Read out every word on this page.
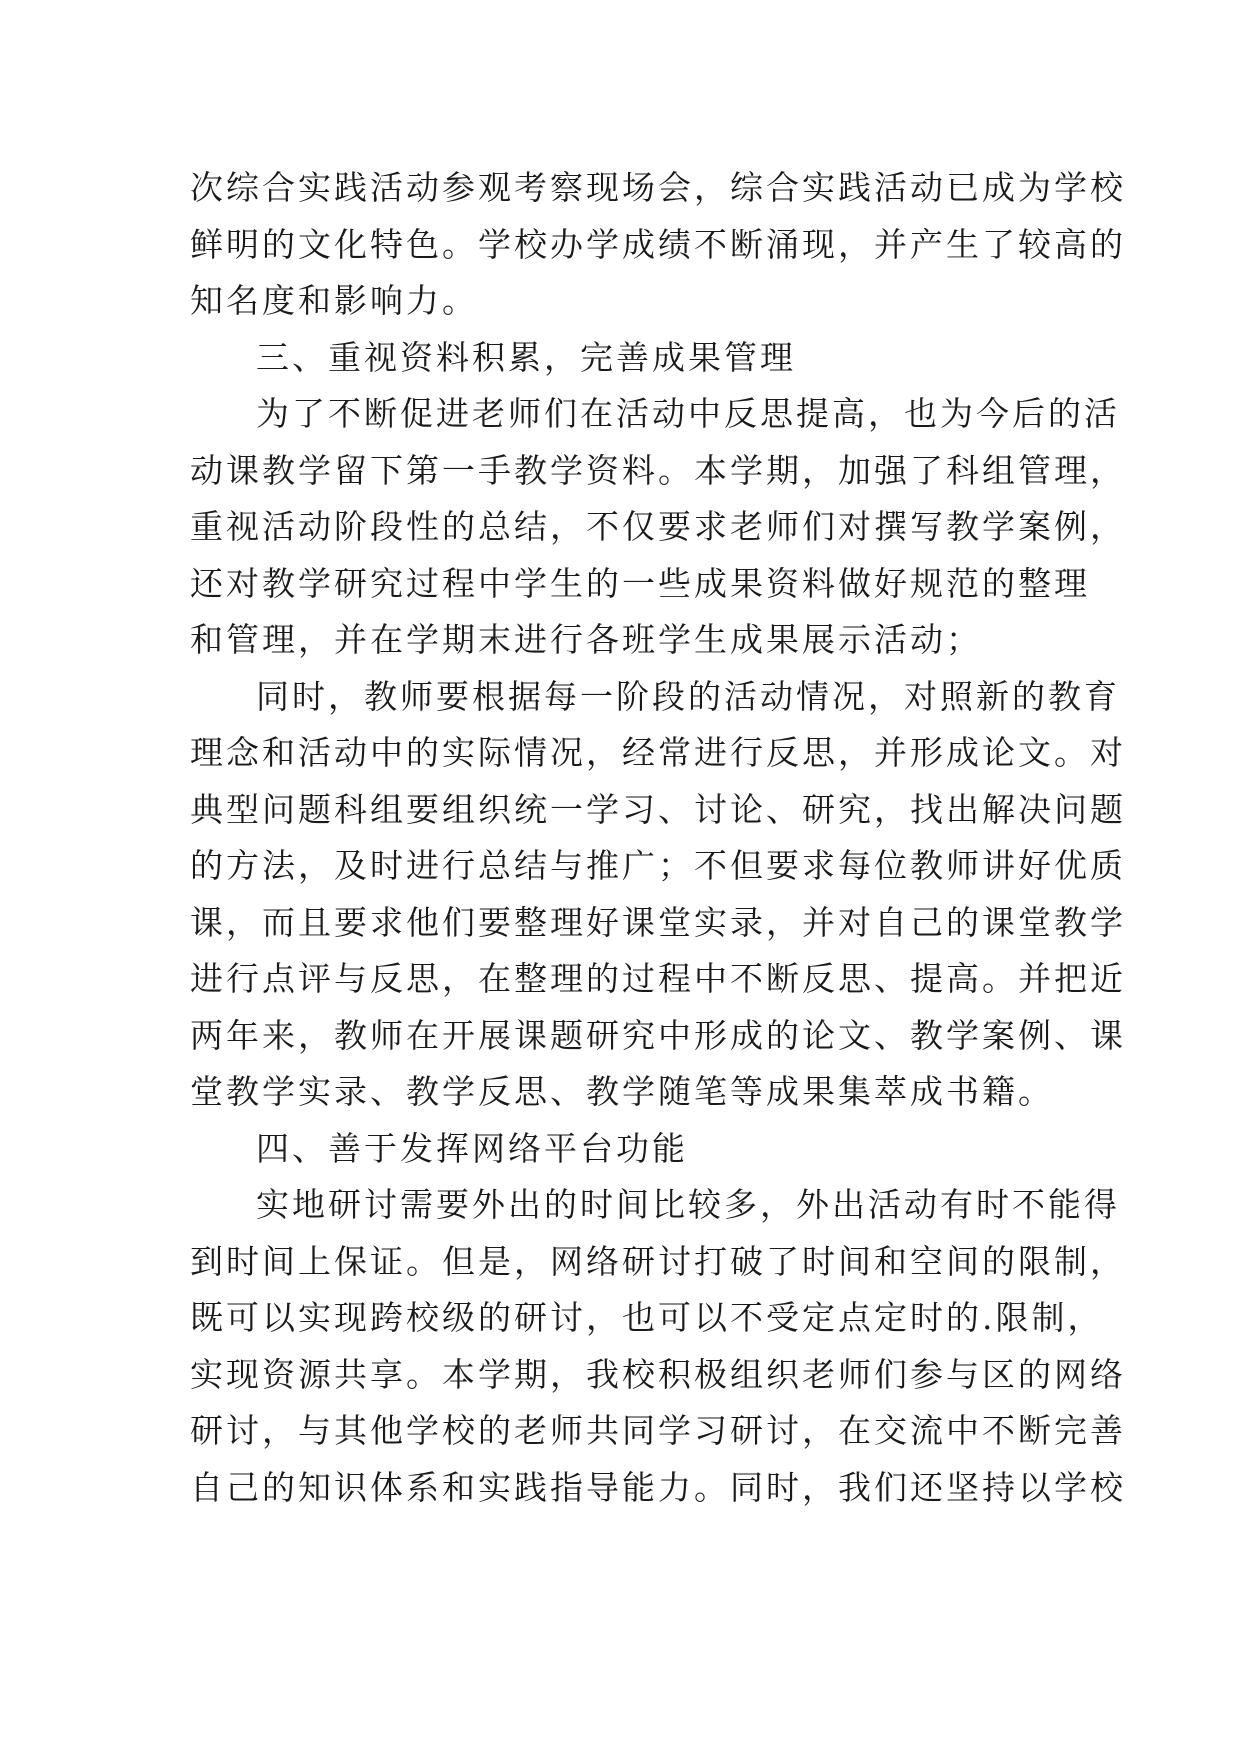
次综合实践活动参观考察现场会，综合实践活动已成为学校
鲜明的文化特色。学校办学成绩不断涌现，并产生了较高的
知名度和影响力。
三、重视资料积累，完善成果管理
为了不断促进老师们在活动中反思提高，也为今后的活
动课教学留下第一手教学资料。本学期，加强了科组管理，
重视活动阶段性的总结，不仅要求老师们对撰写教学案例，
还对教学研究过程中学生的一些成果资料做好规范的整理
和管理，并在学期末进行各班学生成果展示活动；
同时，教师要根据每一阶段的活动情况，对照新的教育
理念和活动中的实际情况，经常进行反思，并形成论文。对
典型问题科组要组织统一学习、讨论、研究，找出解决问题
的方法，及时进行总结与推广；不但要求每位教师讲好优质
课，而且要求他们要整理好课堂实录，并对自己的课堂教学
进行点评与反思，在整理的过程中不断反思、提高。并把近
两年来，教师在开展课题研究中形成的论文、教学案例、课
堂教学实录、教学反思、教学随笔等成果集萃成书籍。
四、善于发挥网络平台功能
实地研讨需要外出的时间比较多，外出活动有时不能得
到时间上保证。但是，网络研讨打破了时间和空间的限制，
既可以实现跨校级的研讨，也可以不受定点定时的.限制，
实现资源共享。本学期，我校积极组织老师们参与区的网络
研讨，与其他学校的老师共同学习研讨，在交流中不断完善
自己的知识体系和实践指导能力。同时，我们还坚持以学校
